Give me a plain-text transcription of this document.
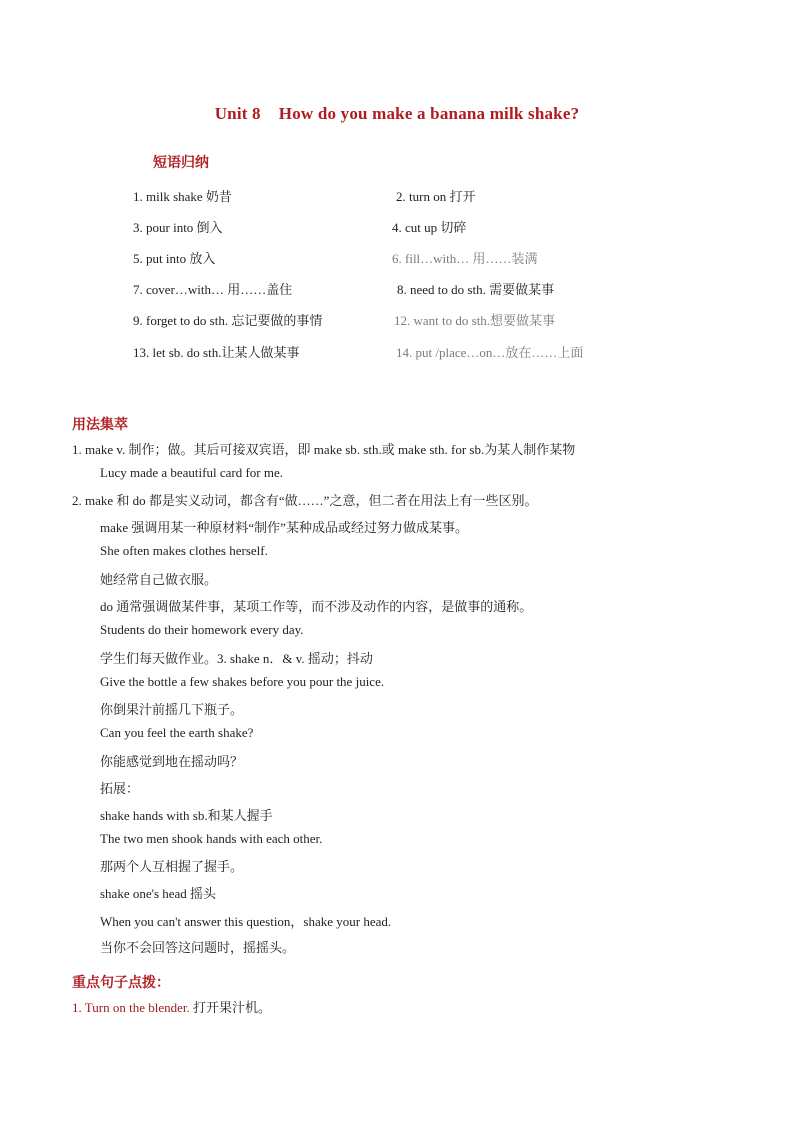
Unit 8 How do you make a banana milk shake?
短语归纳
1. milk shake 奶昔	2. turn on 打开
3. pour into 倒入	4. cut up 切碎
5. put into 放入	6. fill…with… 用……装满
7. cover…with… 用……盖住	8. need to do sth. 需要做某事
9. forget to do sth. 忘记要做的事情	12. want to do sth.想要做某事
13. let sb. do sth.让某人做某事	14. put /place…on…放在……上面
用法集萃
1. make v. 制作；做。其后可接双宾语，即 make sb. sth.或 make sth. for sb.为某人制作某物
Lucy made a beautiful card for me.
2. make 和 do 都是实义动词，都含有“做……”之意，但二者在用法上有一些区别。
make 强调用某一种原材料“制作”某种成品或经过努力做成某事。
She often makes clothes herself.
她经常自己做衣服。
do 通常强调做某件事，某项工作等，而不涉及动作的内容，是做事的通称。
Students do their homework every day.
学生们每天做作业。3. shake n．& v. 摇动；抖动
Give the bottle a few shakes before you pour the juice.
你倒果汁前摇几下瓶子。
Can you feel the earth shake?
你能感觉到地在摇动吗？
拓展：
shake hands with sb.和某人握手
The two men shook hands with each other.
那两个人互相握了握手。
shake one's head 摇头
When you can't answer this question，shake your head.
当你不会回答这问题时，摇摇头。
重点句子点拨：
1. Turn on the blender. 打开果汁机。
